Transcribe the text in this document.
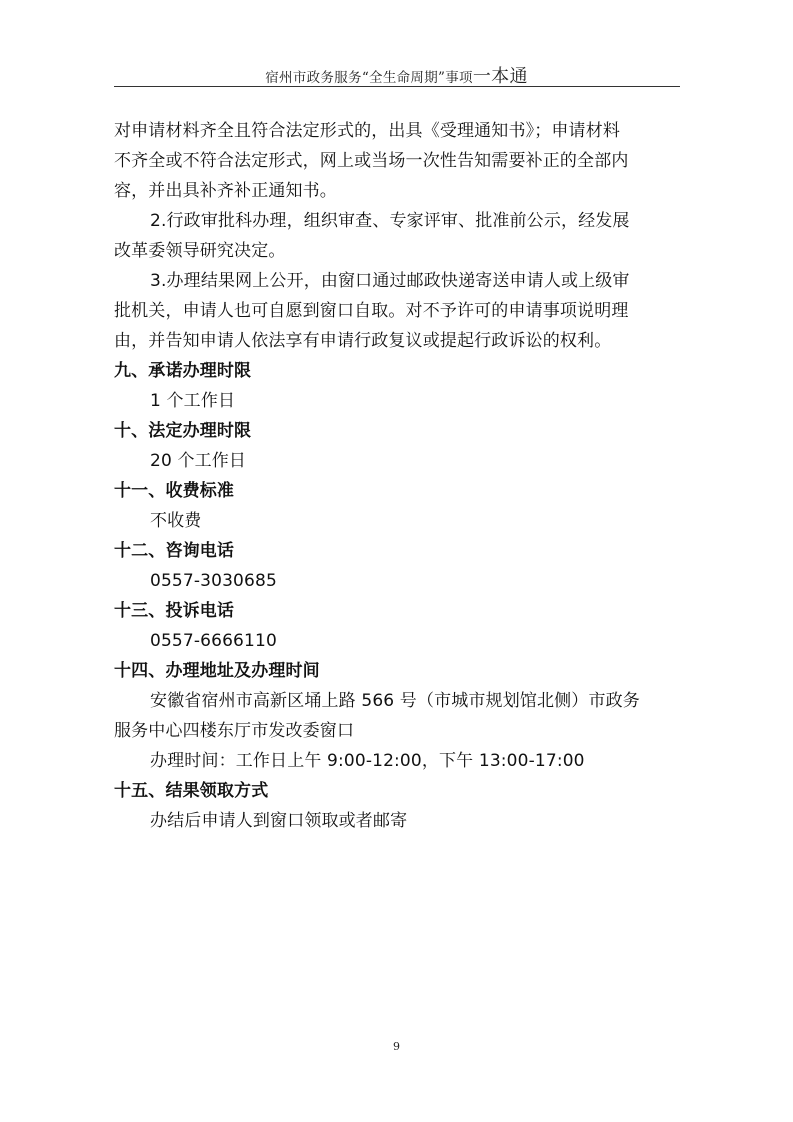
宿州市政务服务“全生命周期”事项一本通
对申请材料齐全且符合法定形式的，出具《受理通知书》；申请材料
不齐全或不符合法定形式，网上或当场一次性告知需要补正的全部内
容，并出具补齐补正通知书。
2.行政审批科办理，组织审查、专家评审、批准前公示，经发展
改革委领导研究决定。
3.办理结果网上公开，由窗口通过邮政快递寄送申请人或上级审
批机关，申请人也可自愿到窗口自取。对不予许可的申请事项说明理
由，并告知申请人依法享有申请行政复议或提起行政诉讼的权利。
九、承诺办理时限
1 个工作日
十、法定办理时限
20 个工作日
十一、收费标准
不收费
十二、咨询电话
0557-3030685
十三、投诉电话
0557-6666110
十四、办理地址及办理时间
安徽省宿州市高新区埇上路 566 号（市城市规划馆北侧）市政务
服务中心四楼东厅市发改委窗口
办理时间：工作日上午 9:00-12:00，下午 13:00-17:00
十五、结果领取方式
办结后申请人到窗口领取或者邮寄
9
